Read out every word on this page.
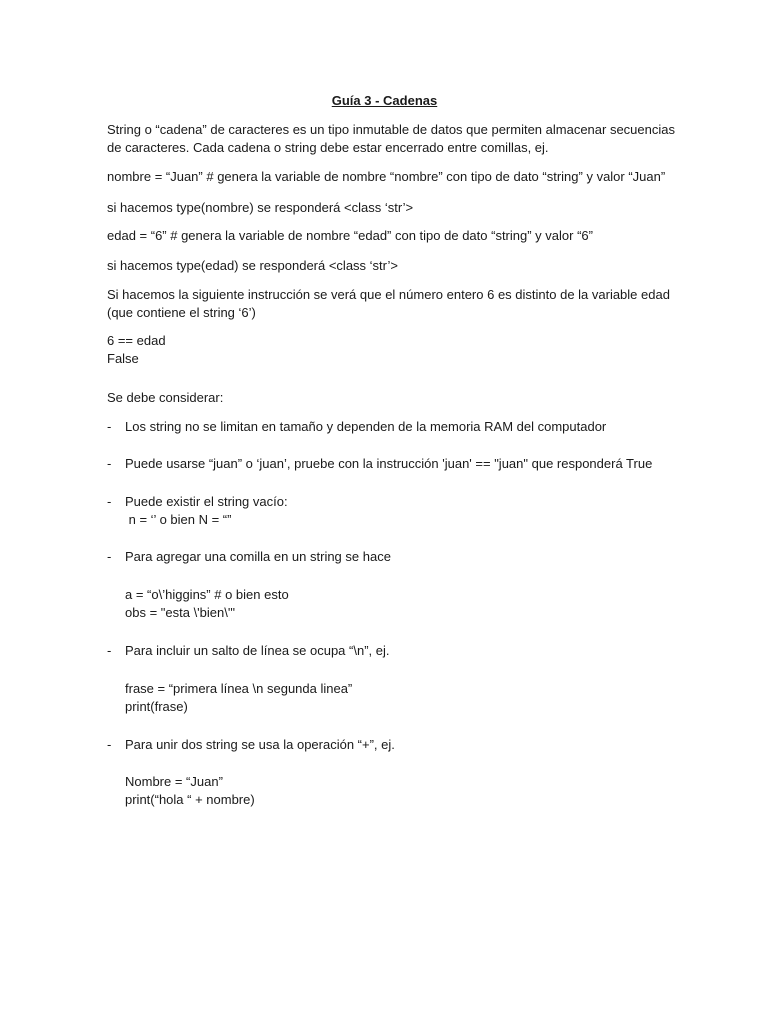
Guía 3 - Cadenas

String o “cadena” de caracteres es un tipo inmutable de datos que permiten almacenar secuencias

de caracteres. Cada cadena o string debe estar encerrado entre comillas, ej.

nombre = “Juan” # genera la variable de nombre “nombre” con tipo de dato “string” y valor “Juan”

si hacemos type(nombre) se responderá <class ‘str’>

edad = “6” # genera la variable de nombre “edad” con tipo de dato “string” y valor “6”

si hacemos type(edad) se responderá <class ‘str’>

Si hacemos la siguiente instrucción se verá que el número entero 6 es distinto de la variable edad

(que contiene el string ‘6’)

6 == edad

False

Se debe considerar:

- Los string no se limitan en tamaño y dependen de la memoria RAM del computador

- Puede usarse “juan” o ‘juan’, pruebe con la instrucción 'juan' == "juan" que responderá True

- Puede existir el string vacío:

n = ‘’ o bien N = “”

- Para agregar una comilla en un string se hace

a = “o\’higgins” # o bien esto

obs = "esta \'bien\'"

- Para incluir un salto de línea se ocupa “\n”, ej.

frase = “primera línea \n segunda linea”

print(frase)

- Para unir dos string se usa la operación “+”, ej.

Nombre = “Juan”

print(“hola “ + nombre)
